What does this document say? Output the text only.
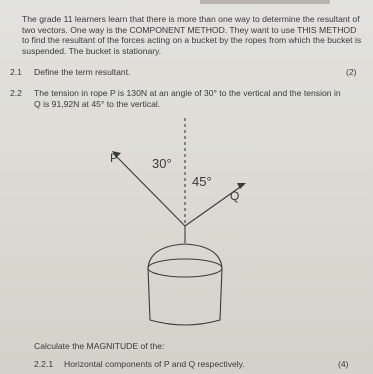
The grade 11 learners learn that there is more than one way to determine the resultant of two vectors. One way is the COMPONENT METHOD. They want to use THIS METHOD to find the resultant of the forces acting on a bucket by the ropes from which the bucket is suspended. The bucket is stationary.

2.1 Define the term resultant.	(2)
2.2 The tension in rope P is 130N at an angle of 30° to the vertical and the tension in Q is 91,92N at 45° to the vertical.

P	30°
45°
Q
Calculate the MAGNITUDE of the:
2.2.1 Horizontal components of P and Q respectively.	(4)
